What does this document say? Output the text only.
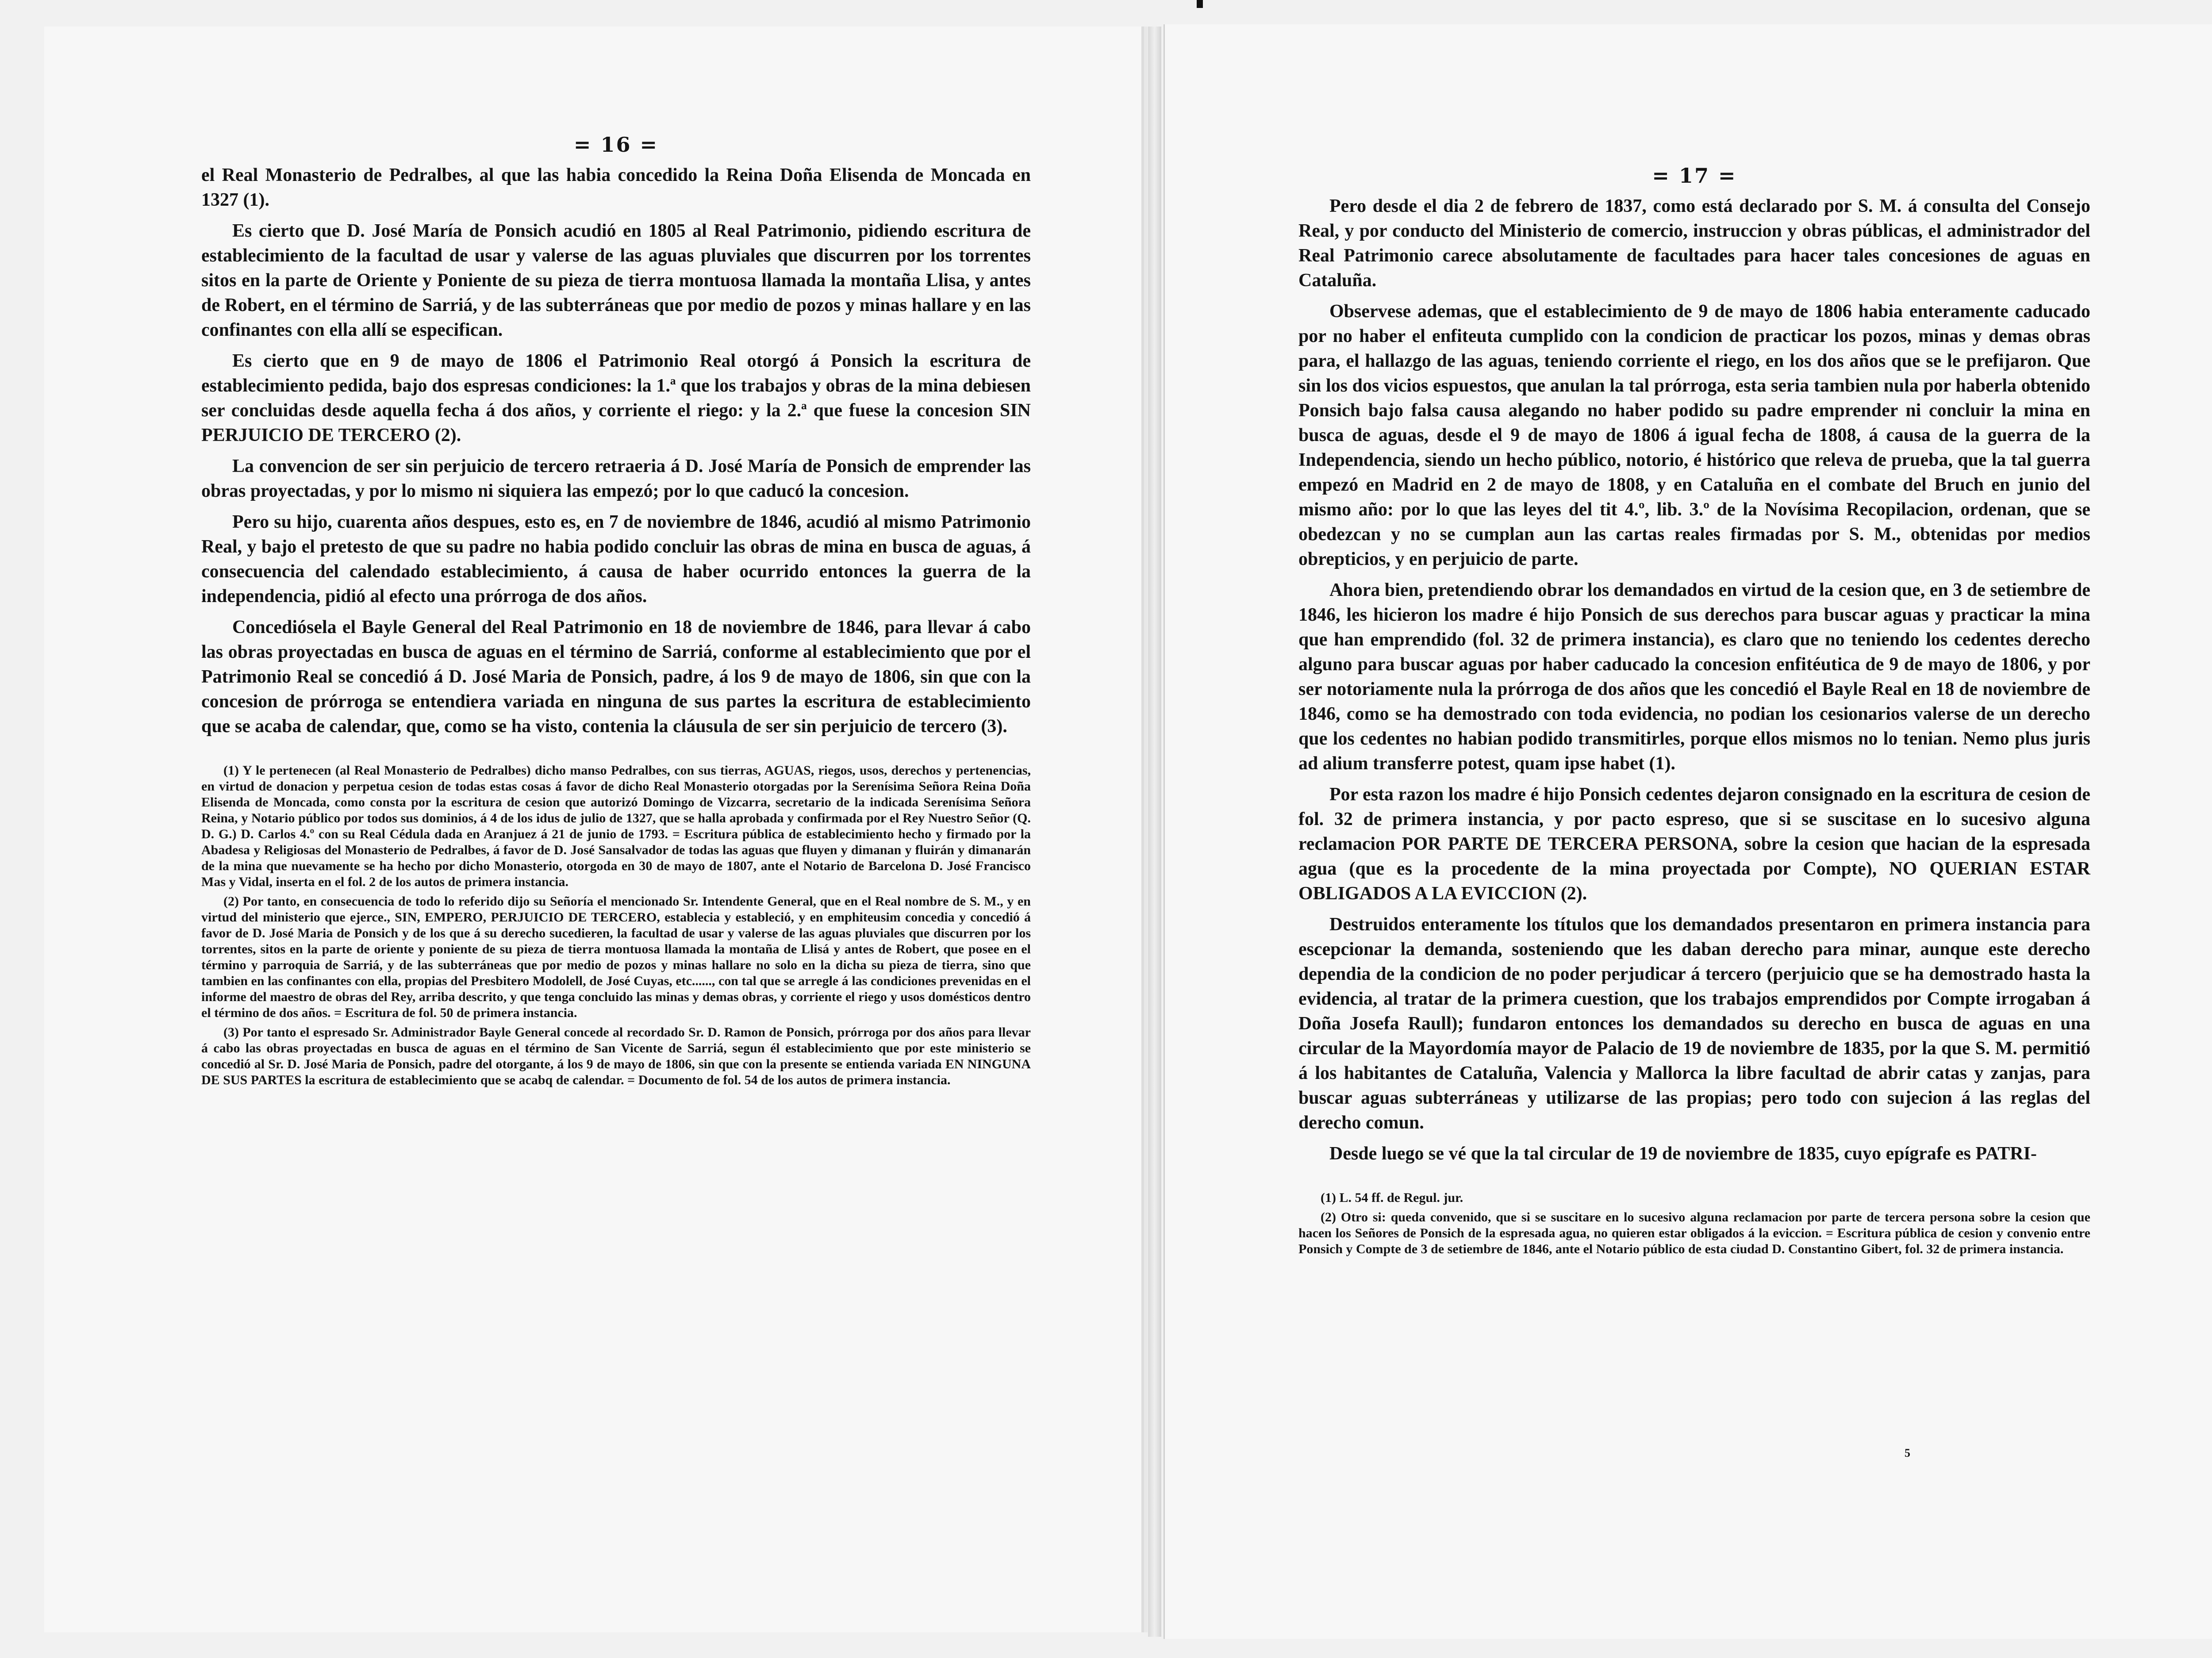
= 16 =

el Real Monasterio de Pedralbes, al que las habia concedido la Reina Doña Elisenda de Moncada en 1327 (1).

Es cierto que D. José María de Ponsich acudió en 1805 al Real Patrimonio, pidiendo escritura de establecimiento de la facultad de usar y valerse de las aguas pluviales que discurren por los torrentes sitos en la parte de Oriente y Poniente de su pieza de tierra montuosa llamada la montaña Llisa, y antes de Robert, en el término de Sarriá, y de las subterráneas que por medio de pozos y minas hallare y en las confinantes con ella allí se especifican.

Es cierto que en 9 de mayo de 1806 el Patrimonio Real otorgó á Ponsich la escritura de establecimiento pedida, bajo dos espresas condiciones: la 1.ª que los trabajos y obras de la mina debiesen ser concluidas desde aquella fecha á dos años, y corriente el riego: y la 2.ª que fuese la concesion SIN PERJUICIO DE TERCERO (2).

La convencion de ser sin perjuicio de tercero retraeria á D. José María de Ponsich de emprender las obras proyectadas, y por lo mismo ni siquiera las empezó; por lo que caducó la concesion.

Pero su hijo, cuarenta años despues, esto es, en 7 de noviembre de 1846, acudió al mismo Patrimonio Real, y bajo el pretesto de que su padre no habia podido concluir las obras de mina en busca de aguas, á consecuencia del calendado establecimiento, á causa de haber ocurrido entonces la guerra de la independencia, pidió al efecto una prórroga de dos años.

Concediósela el Bayle General del Real Patrimonio en 18 de noviembre de 1846, para llevar á cabo las obras proyectadas en busca de aguas en el término de Sarriá, conforme al establecimiento que por el Patrimonio Real se concedió á D. José Maria de Ponsich, padre, á los 9 de mayo de 1806, sin que con la concesion de prórroga se entendiera variada en ninguna de sus partes la escritura de establecimiento que se acaba de calendar, que, como se ha visto, contenia la cláusula de ser sin perjuicio de tercero (3).

(1) Y le pertenecen (al Real Monasterio de Pedralbes) dicho manso Pedralbes, con sus tierras, AGUAS, riegos, usos, derechos y pertenencias, en virtud de donacion y perpetua cesion de todas estas cosas á favor de dicho Real Monasterio otorgadas por la Serenísima Señora Reina Doña Elisenda de Moncada, como consta por la escritura de cesion que autorizó Domingo de Vizcarra, secretario de la indicada Serenísima Señora Reina, y Notario público por todos sus dominios, á 4 de los idus de julio de 1327, que se halla aprobada y confirmada por el Rey Nuestro Señor (Q. D. G.) D. Carlos 4.º con su Real Cédula dada en Aranjuez á 21 de junio de 1793. = Escritura pública de establecimiento hecho y firmado por la Abadesa y Religiosas del Monasterio de Pedralbes, á favor de D. José Sansalvador de todas las aguas que fluyen y dimanan y fluirán y dimanarán de la mina que nuevamente se ha hecho por dicho Monasterio, otorgoda en 30 de mayo de 1807, ante el Notario de Barcelona D. José Francisco Mas y Vidal, inserta en el fol. 2 de los autos de primera instancia.
(2) Por tanto, en consecuencia de todo lo referido dijo su Señoría el mencionado Sr. Intendente General, que en el Real nombre de S. M., y en virtud del ministerio que ejerce., SIN, EMPERO, PERJUICIO DE TERCERO, establecia y estableció, y en emphiteusim concedia y concedió á favor de D. José Maria de Ponsich y de los que á su derecho sucedieren, la facultad de usar y valerse de las aguas pluviales que discurren por los torrentes, sitos en la parte de oriente y poniente de su pieza de tierra montuosa llamada la montaña de Llisá y antes de Robert, que posee en el término y parroquia de Sarriá, y de las subterráneas que por medio de pozos y minas hallare no solo en la dicha su pieza de tierra, sino que tambien en las confinantes con ella, propias del Presbitero Modolell, de José Cuyas, etc......, con tal que se arregle á las condiciones prevenidas en el informe del maestro de obras del Rey, arriba descrito, y que tenga concluido las minas y demas obras, y corriente el riego y usos domésticos dentro el término de dos años. = Escritura de fol. 50 de primera instancia.
(3) Por tanto el espresado Sr. Administrador Bayle General concede al recordado Sr. D. Ramon de Ponsich, prórroga por dos años para llevar á cabo las obras proyectadas en busca de aguas en el término de San Vicente de Sarriá, segun él establecimiento que por este ministerio se concedió al Sr. D. José Maria de Ponsich, padre del otorgante, á los 9 de mayo de 1806, sin que con la presente se entienda variada EN NINGUNA DE SUS PARTES la escritura de establecimiento que se acabq de calendar. = Documento de fol. 54 de los autos de primera instancia.
= 17 =

Pero desde el dia 2 de febrero de 1837, como está declarado por S. M. á consulta del Consejo Real, y por conducto del Ministerio de comercio, instruccion y obras públicas, el administrador del Real Patrimonio carece absolutamente de facultades para hacer tales concesiones de aguas en Cataluña.

Observese ademas, que el establecimiento de 9 de mayo de 1806 habia enteramente caducado por no haber el enfiteuta cumplido con la condicion de practicar los pozos, minas y demas obras para, el hallazgo de las aguas, teniendo corriente el riego, en los dos años que se le prefijaron. Que sin los dos vicios espuestos, que anulan la tal prórroga, esta seria tambien nula por haberla obtenido Ponsich bajo falsa causa alegando no haber podido su padre emprender ni concluir la mina en busca de aguas, desde el 9 de mayo de 1806 á igual fecha de 1808, á causa de la guerra de la Independencia, siendo un hecho público, notorio, é histórico que releva de prueba, que la tal guerra empezó en Madrid en 2 de mayo de 1808, y en Cataluña en el combate del Bruch en junio del mismo año: por lo que las leyes del tit 4.º, lib. 3.º de la Novísima Recopilacion, ordenan, que se obedezcan y no se cumplan aun las cartas reales firmadas por S. M., obtenidas por medios obrepticios, y en perjuicio de parte.

Ahora bien, pretendiendo obrar los demandados en virtud de la cesion que, en 3 de setiembre de 1846, les hicieron los madre é hijo Ponsich de sus derechos para buscar aguas y practicar la mina que han emprendido (fol. 32 de primera instancia), es claro que no teniendo los cedentes derecho alguno para buscar aguas por haber caducado la concesion enfitéutica de 9 de mayo de 1806, y por ser notoriamente nula la prórroga de dos años que les concedió el Bayle Real en 18 de noviembre de 1846, como se ha demostrado con toda evidencia, no podian los cesionarios valerse de un derecho que los cedentes no habian podido transmitirles, porque ellos mismos no lo tenian. Nemo plus juris ad alium transferre potest, quam ipse habet (1).

Por esta razon los madre é hijo Ponsich cedentes dejaron consignado en la escritura de cesion de fol. 32 de primera instancia, y por pacto espreso, que si se suscitase en lo sucesivo alguna reclamacion POR PARTE DE TERCERA PERSONA, sobre la cesion que hacian de la espresada agua (que es la procedente de la mina proyectada por Compte), NO QUERIAN ESTAR OBLIGADOS A LA EVICCION (2).

Destruidos enteramente los títulos que los demandados presentaron en primera instancia para escepcionar la demanda, sosteniendo que les daban derecho para minar, aunque este derecho dependia de la condicion de no poder perjudicar á tercero (perjuicio que se ha demostrado hasta la evidencia, al tratar de la primera cuestion, que los trabajos emprendidos por Compte irrogaban á Doña Josefa Raull); fundaron entonces los demandados su derecho en busca de aguas en una circular de la Mayordomía mayor de Palacio de 19 de noviembre de 1835, por la que S. M. permitió á los habitantes de Cataluña, Valencia y Mallorca la libre facultad de abrir catas y zanjas, para buscar aguas subterráneas y utilizarse de las propias; pero todo con sujecion á las reglas del derecho comun.

Desde luego se vé que la tal circular de 19 de noviembre de 1835, cuyo epígrafe es PATRI-

(1) L. 54 ff. de Regul. jur.
(2) Otro si: queda convenido, que si se suscitare en lo sucesivo alguna reclamacion por parte de tercera persona sobre la cesion que hacen los Señores de Ponsich de la espresada agua, no quieren estar obligados á la eviccion. = Escritura pública de cesion y convenio entre Ponsich y Compte de 3 de setiembre de 1846, ante el Notario público de esta ciudad D. Constantino Gibert, fol. 32 de primera instancia.
5
